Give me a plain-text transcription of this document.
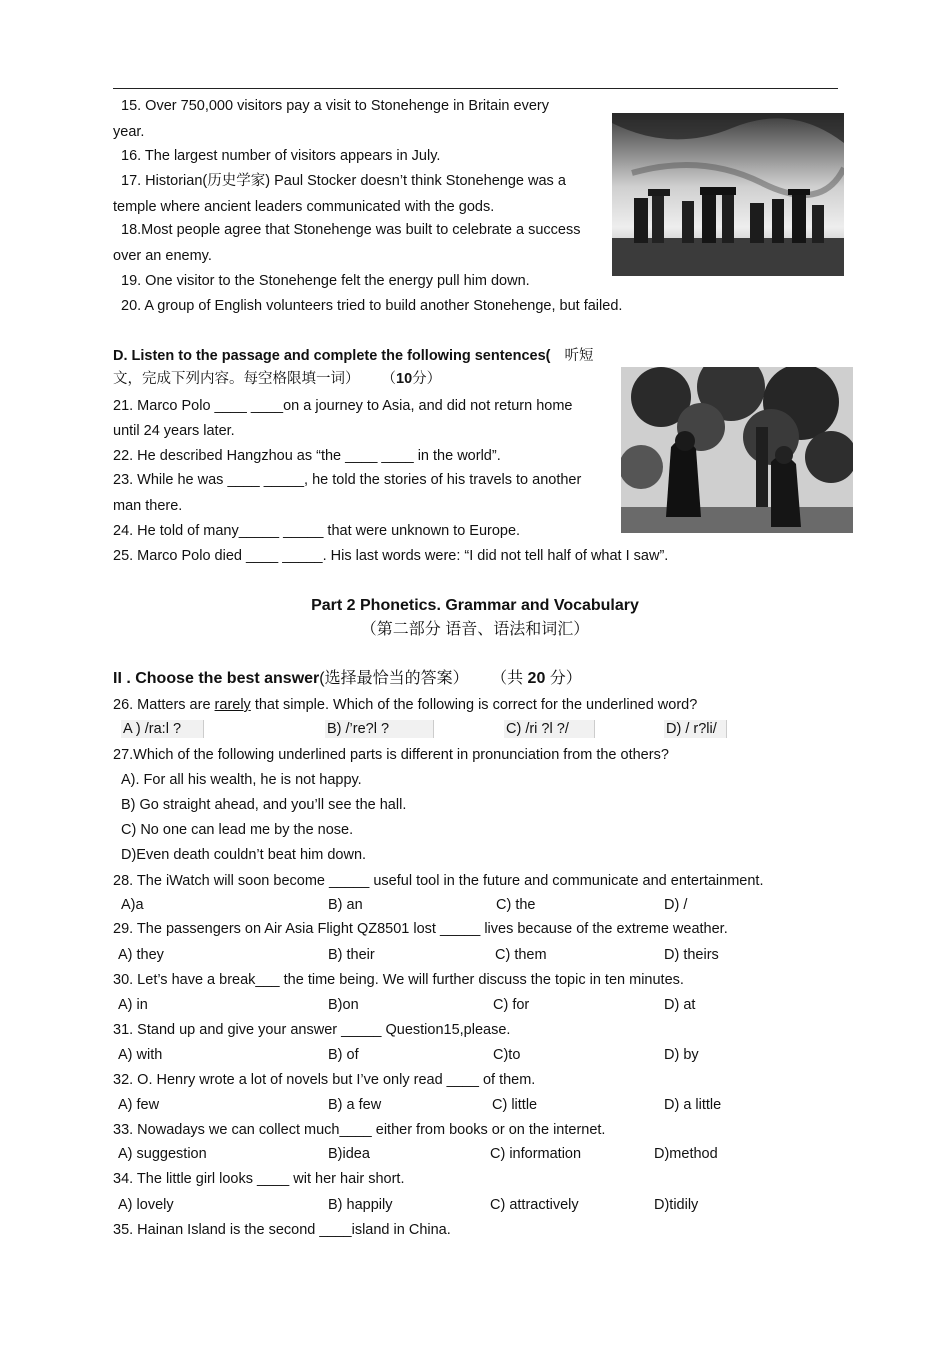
15. Over 750,000 visitors pay a visit to Stonehenge in Britain every
year.
16. The largest number of visitors appears in July.
17. Historian(历史学家) Paul Stocker doesn’t think Stonehenge was a
temple where ancient leaders communicated with the gods.
18.Most people agree that Stonehenge was built to celebrate a success
over an enemy.
19. One visitor to the Stonehenge felt the energy pull him down.
20. A group of English volunteers tried to build another Stonehenge, but failed.
D. Listen to the passage and complete the following sentences( 听短
文，完成下列内容。每空格限填一词） （10分）
21. Marco Polo ____ ____on a journey to Asia, and did not return home
until 24 years later.
22. He described Hangzhou as “the ____ ____ in the world”.
23. While he was ____ _____, he told the stories of his travels to another
man there.
24. He told of many_____ _____ that were unknown to Europe.
25. Marco Polo died ____ _____. His last words were: “I did not tell half of what I saw”.
Part 2 Phonetics. Grammar and Vocabulary
（第二部分 语音、语法和词汇）
II . Choose the best answer(选择最恰当的答案） （共 20 分）
26. Matters are rarely that simple. Which of the following is correct for the underlined word?
A ) /ra:l ?	B) /’re?l ?	C) /ri ?l ?/	D) / r?li/
27.Which of the following underlined parts is different in pronunciation from the others?
A). For all his wealth, he is not happy.
B) Go straight ahead, and you’ll see the hall.
C) No one can lead me by the nose.
D)Even death couldn’t beat him down.
28. The iWatch will soon become _____ useful tool in the future and communicate and entertainment.
A)a	B) an	C) the	D) /
29. The passengers on Air Asia Flight QZ8501 lost _____ lives because of the extreme weather.
A) they	B) their	C) them	D) theirs
30. Let’s have a break___ the time being. We will further discuss the topic in ten minutes.
A) in	B)on	C) for	D) at
31. Stand up and give your answer _____ Question15,please.
A) with	B) of	C)to	D) by
32. O. Henry wrote a lot of novels but I’ve only read ____ of them.
A) few	B) a few	C) little	D) a little
33. Nowadays we can collect much____ either from books or on the internet.
A) suggestion	B)idea	C) information	D)method
34. The little girl looks ____ wit her hair short.
A) lovely	B) happily	C) attractively	D)tidily
35. Hainan Island is the second ____island in China.
